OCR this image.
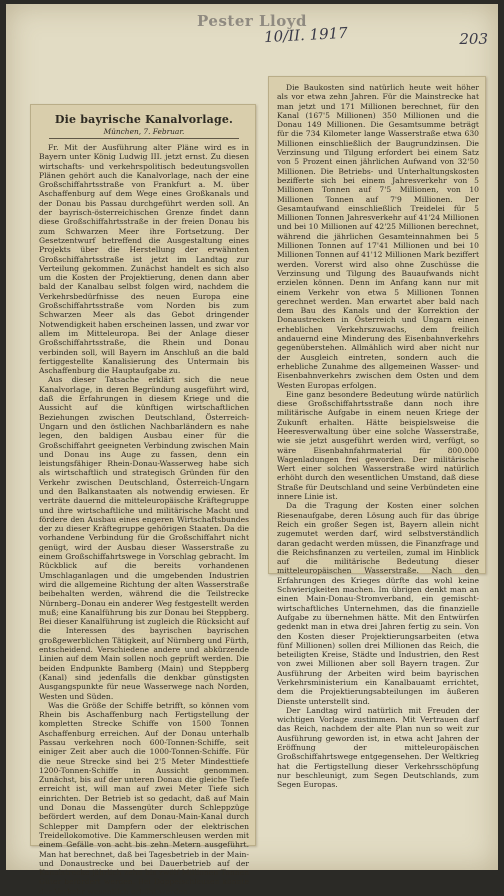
Pester Lloyd
10/II. 1917	203
Die bayrische Kanalvorlage.
München, 7. Februar.

Fr. Mit der Ausführung alter Pläne wird es in Bayern unter König Ludwig III. jetzt ernst. Zu diesen wirtschafts- und verkehrspolitisch bedeutungsvollen Plänen gehört auch die Kanalvorlage, nach der eine Großschiffahrtsstraße von Frankfurt a. M. über Aschaffenburg auf dem Wege eines Großkanals und der Donau bis Passau durchgeführt werden soll. An der bayrisch-österreichischen Grenze findet dann diese Großschiffahrtsstraße in der freien Donau bis zum Schwarzen Meer ihre Fortsetzung. Der Gesetzentwurf betreffend die Ausgestaltung eines Projekts über die Herstellung der erwähnten Großschiffahrtsstraße ist jetzt im Landtag zur Verteilung gekommen. Zunächst handelt es sich also um die Kosten der Projektierung, denen dann aber bald der Kanalbau selbst folgen wird, nachdem die Verkehrsbedürfnisse des neuen Europa eine Großschiffahrtsstraße vom Norden bis zum Schwarzen Meer als das Gebot dringender Notwendigkeit haben erscheinen lassen, und zwar vor allem im Mitteleuropa. Bei der Anlage dieser Großschiffahrtsstraße, die Rhein und Donau verbinden soll, will Bayern im Anschluß an die bald fertiggestellte Kanalisierung des Untermain bis Aschaffenburg die Hauptaufgabe zu.

Aus dieser Tatsache erklärt sich die neue Kanalvorlage, in deren Begründung ausgeführt wird, daß die Erfahrungen in diesem Kriege und die Aussicht auf die künftigen wirtschaftlichen Beziehungen zwischen Deutschland, Österreich-Ungarn und den östlichen Nachbarländern es nahe legen, den baldigen Ausbau einer für die Großschiffahrt geeigneten Verbindung zwischen Main und Donau ins Auge zu fassen, denn ein leistungsfähiger Rhein-Donau-Wasserweg habe sich als wirtschaftlich und strategisch Gründen für den Verkehr zwischen Deutschland, Österreich-Ungarn und den Balkanstaaten als notwendig erwiesen. Er verträte dauernd die mitteleuropäische Kräftegruppe und ihre wirtschaftliche und militärische Macht und fördere den Ausbau eines engeren Wirtschaftsbundes der zu dieser Kräftegruppe gehörigen Staaten. Da die vorhandene Verbindung für die Großschiffahrt nicht genügt, wird der Ausbau dieser Wasserstraße zu einem Großschiffahrtswege in Vorschlag gebracht. Im Rückblick auf die bereits vorhandenen Umschlaganlagen und die umgebenden Industrien wird die allgemeine Richtung der alten Wasserstraße beibehalten werden, während die die Teilstrecke Nürnberg–Donau ein anderer Weg festgestellt werden muß; eine Kanalführung bis zur Donau bei Steppberg. Bei dieser Kanalführung ist zugleich die Rücksicht auf die Interessen des bayrischen bayrischen großgewerblichen Tätigkeit, auf Nürnberg und Fürth, entscheidend. Verschiedene andere und abkürzende Linien auf dem Main sollen noch geprüft werden. Die beiden Endpunkte Bamberg (Main) und Steppberg (Kanal) sind jedenfalls die denkbar günstigsten Ausgangspunkte für neue Wasserwege nach Norden, Westen und Süden.

Was die Größe der Schiffe betrifft, so können vom Rhein bis Aschaffenburg nach Fertigstellung der kompletten Strecke Schiffe von 1500 Tonnen Aschaffenburg erreichen. Auf der Donau unterhalb Passau verkehren noch 600-Tonnen-Schiffe, seit einiger Zeit aber auch die 1000-Tonnen-Schiffe. Für die neue Strecke sind bei 2'5 Meter Mindesttiefe 1200-Tonnen-Schiffe in Aussicht genommen. Zunächst, bis auf der unteren Donau die gleiche Tiefe erreicht ist, will man auf zwei Meter Tiefe sich einrichten. Der Betrieb ist so gedacht, daß auf Main und Donau die Massengüter durch Schleppzüge befördert werden, auf dem Donau-Main-Kanal durch Schlepper mit Dampfern oder der elektrischen Treidellokomotive. Die Kammerschleusen werden mit einem Gefälle von acht bis zehn Metern ausgeführt. Man hat berechnet, daß bei Tagesbetrieb in der Main- und Donaustrecke und bei Dauerbetrieb auf der Kanalstrecke jährlich zehn bis zwölf Millionen Tonnen Güter befördert werden. Bei Doppelschleusen könnte der Verkehr wesentlich erhöht werden.

Die Baukosten sind natürlich heute weit höher als vor etwa zehn Jahren. Für die Mainstrecke hat man jetzt und 171 Millionen berechnet, für den Kanal (167'5 Millionen) 350 Millionen und die Donau 149 Millionen. Die Gesamtsumme beträgt für die 734 Kilometer lange Wasserstraße etwa 630 Millionen einschließlich der Baugrundzinsen. Die Verzinsung und Tilgung erfordert bei einem Satz von 5 Prozent einen jährlichen Aufwand von 32'50 Millionen. Die Betriebs- und Unterhaltungskosten bezifferte sich bei einem Jahresverkehr von 5 Millionen Tonnen auf 7'5 Millionen, von 10 Millionen Tonnen auf 7'9 Millionen. Der Gesamtaufwand einschließlich Treidelei für 5 Millionen Tonnen Jahresverkehr auf 41'24 Millionen und bei 10 Millionen auf 42'25 Millionen berechnet, während die jährlichen Gesamteinnahmen bei 5 Millionen Tonnen auf 17'41 Millionen und bei 10 Millionen Tonnen auf 41'12 Millionen Mark beziffert werden. Vorerst wird also ohne Zuschüsse die Verzinsung und Tilgung des Bauaufwands nicht erzielen können. Denn im Anfang kann nur mit einem Verkehr von etwa 5 Millionen Tonnen gerechnet werden. Man erwartet aber bald nach dem Bau des Kanals und der Korrektion der Donaustrecken in Österreich und Ungarn einen erheblichen Verkehrszuwachs, dem freilich andauernd eine Minderung des Eisenbahnverkehrs gegenüberstehen. Allmählich wird aber nicht nur der Ausgleich eintreten, sondern auch die erhebliche Zunahme des allgemeinen Wasser- und Eisenbahnverkehrs zwischen dem Osten und dem Westen Europas erfolgen.

Eine ganz besondere Bedeutung würde natürlich diese Großschiffahrtsstraße dann noch ihre militärische Aufgabe in einem neuen Kriege der Zukunft erhalten. Hätte beispielsweise die Heeresverwaltung über eine solche Wasserstraße, wie sie jetzt ausgeführt werden wird, verfügt, so wäre Eisenbahnfahrmaterial für 800.000 Wagenladungen frei geworden. Der militärische Wert einer solchen Wasserstraße wird natürlich erhöht durch den wesentlichen Umstand, daß diese Straße für Deutschland und seine Verbündeten eine innere Linie ist.

Da die Tragung der Kosten einer solchen Riesenaufgabe, deren Lösung auch für das übrige Reich ein großer Segen ist, Bayern allein nicht zugemutet werden darf, wird selbstverständlich daran gedacht werden müssen, die Finanzfrage und die Reichsfinanzen zu verteilen, zumal im Hinblick auf die militärische Bedeutung dieser mitteleuropäischen Wasserstraße. Nach den Erfahrungen des Krieges dürfte das wohl keine Schwierigkeiten machen. Im übrigen denkt man an einen Main-Donau-Stromverband, ein gemischt-wirtschaftliches Unternehmen, das die finanzielle Aufgabe zu übernehmen hätte. Mit den Entwürfen gedenkt man in etwa drei Jahren fertig zu sein. Von den Kosten dieser Projektierungsarbeiten (etwa fünf Millionen) sollen drei Millionen das Reich, die beteiligten Kreise, Städte und Industrien, den Rest von zwei Millionen aber soll Bayern tragen. Zur Ausführung der Arbeiten wird beim bayrischen Verkehrsministerium ein Kanalbauamt errichtet, dem die Projektierungsabteilungen im äußeren Dienste unterstellt sind.

Der Landtag wird natürlich mit Freuden der wichtigen Vorlage zustimmen. Mit Vertrauen darf das Reich, nachdem der alte Plan nun so weit zur Ausführung geworden ist, in etwa acht Jahren der Eröffnung der mitteleuropäischen Großschiffahrtswege entgegensehen. Der Weltkrieg hat die Fertigstellung dieser Verkehrsschöpfung nur beschleunigt, zum Segen Deutschlands, zum Segen Europas.
